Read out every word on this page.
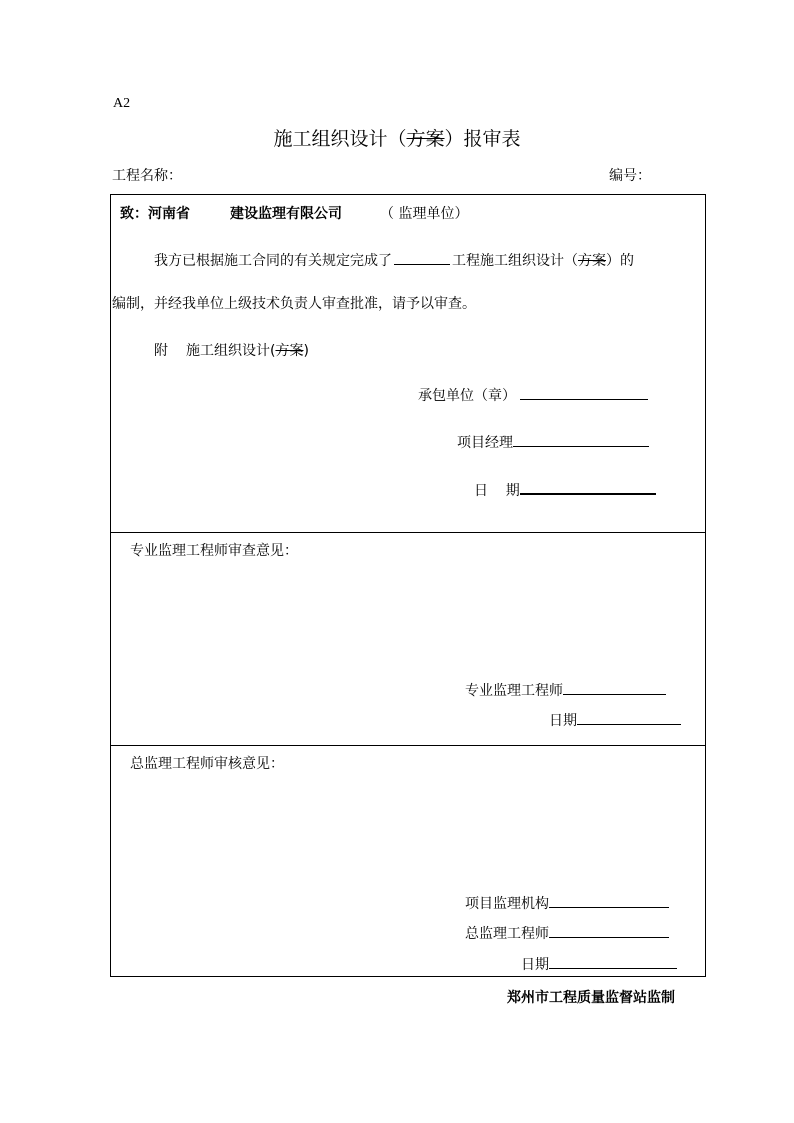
A2
施工组织设计（方案）报审表
工程名称：	编号：
致：河南省	建设监理有限公司	（ 监理单位）
我方已根据施工合同的有关规定完成了	工程施工组织设计（方案）的
编制，并经我单位上级技术负责人审查批准，请予以审查。
附 施工组织设计(方案)
承包单位（章）
项目经理
日    期
专业监理工程师审查意见：
专业监理工程师
日期
总监理工程师审核意见：
项目监理机构
总监理工程师
日期
郑州市工程质量监督站监制
